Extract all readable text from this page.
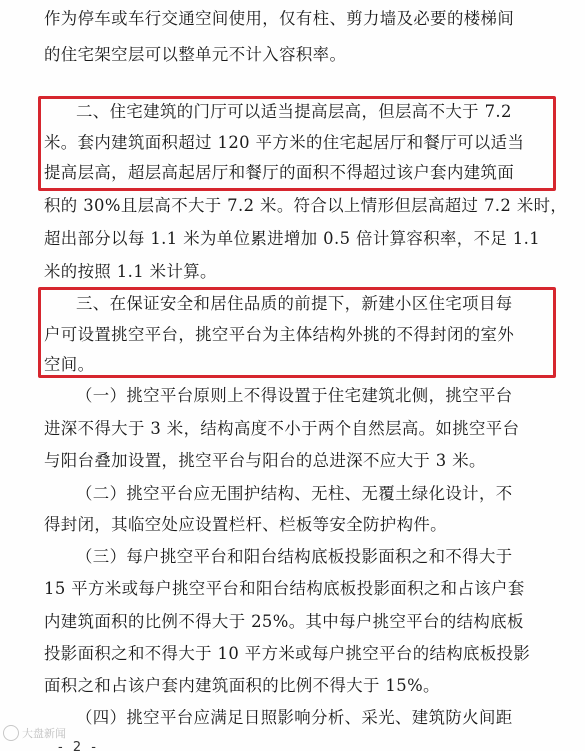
作为停车或车行交通空间使用，仅有柱、剪力墙及必要的楼梯间
的住宅架空层可以整单元不计入容积率。
二、住宅建筑的门厅可以适当提高层高，但层高不大于 7.2
米。套内建筑面积超过 120 平方米的住宅起居厅和餐厅可以适当
提高层高，超层高起居厅和餐厅的面积不得超过该户套内建筑面
积的 30%且层高不大于 7.2 米。符合以上情形但层高超过 7.2 米时，
超出部分以每 1.1 米为单位累进增加 0.5 倍计算容积率，不足 1.1
米的按照 1.1 米计算。
三、在保证安全和居住品质的前提下，新建小区住宅项目每
户可设置挑空平台，挑空平台为主体结构外挑的不得封闭的室外
空间。
（一）挑空平台原则上不得设置于住宅建筑北侧，挑空平台
进深不得大于 3 米，结构高度不小于两个自然层高。如挑空平台
与阳台叠加设置，挑空平台与阳台的总进深不应大于 3 米。
（二）挑空平台应无围护结构、无柱、无覆土绿化设计，不
得封闭，其临空处应设置栏杆、栏板等安全防护构件。
（三）每户挑空平台和阳台结构底板投影面积之和不得大于
15 平方米或每户挑空平台和阳台结构底板投影面积之和占该户套
内建筑面积的比例不得大于 25%。其中每户挑空平台的结构底板
投影面积之和不得大于 10 平方米或每户挑空平台的结构底板投影
面积之和占该户套内建筑面积的比例不得大于 15%。
（四）挑空平台应满足日照影响分析、采光、建筑防火间距
大盘新闻
- 2 -
